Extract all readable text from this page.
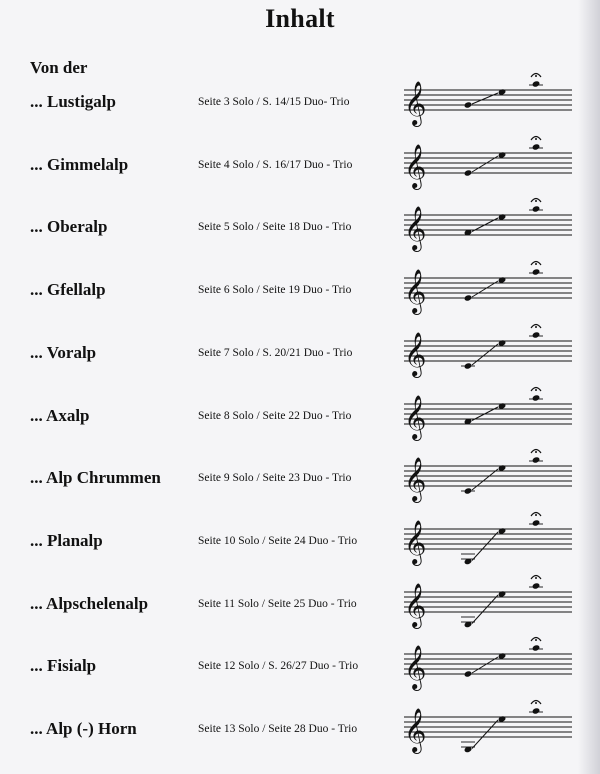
Inhalt
Von der
... Lustigalp	Seite 3 Solo / S. 14/15 Duo- Trio 𝄞
... Gimmelalp	Seite 4 Solo / S. 16/17 Duo - Trio 𝄞
... Oberalp	Seite 5 Solo / Seite 18 Duo - Trio 𝄞
... Gfellalp	Seite 6 Solo / Seite 19 Duo - Trio 𝄞
... Voralp	Seite 7 Solo / S. 20/21 Duo - Trio 𝄞
... Axalp	Seite 8 Solo / Seite 22 Duo - Trio 𝄞
... Alp Chrummen	Seite 9 Solo / Seite 23 Duo - Trio 𝄞
... Planalp	Seite 10 Solo / Seite 24 Duo - Trio 𝄞
... Alpschelenalp	Seite 11 Solo / Seite 25 Duo - Trio 𝄞
... Fisialp	Seite 12 Solo / S. 26/27 Duo - Trio 𝄞
... Alp (-) Horn	Seite 13 Solo / Seite 28 Duo - Trio 𝄞
